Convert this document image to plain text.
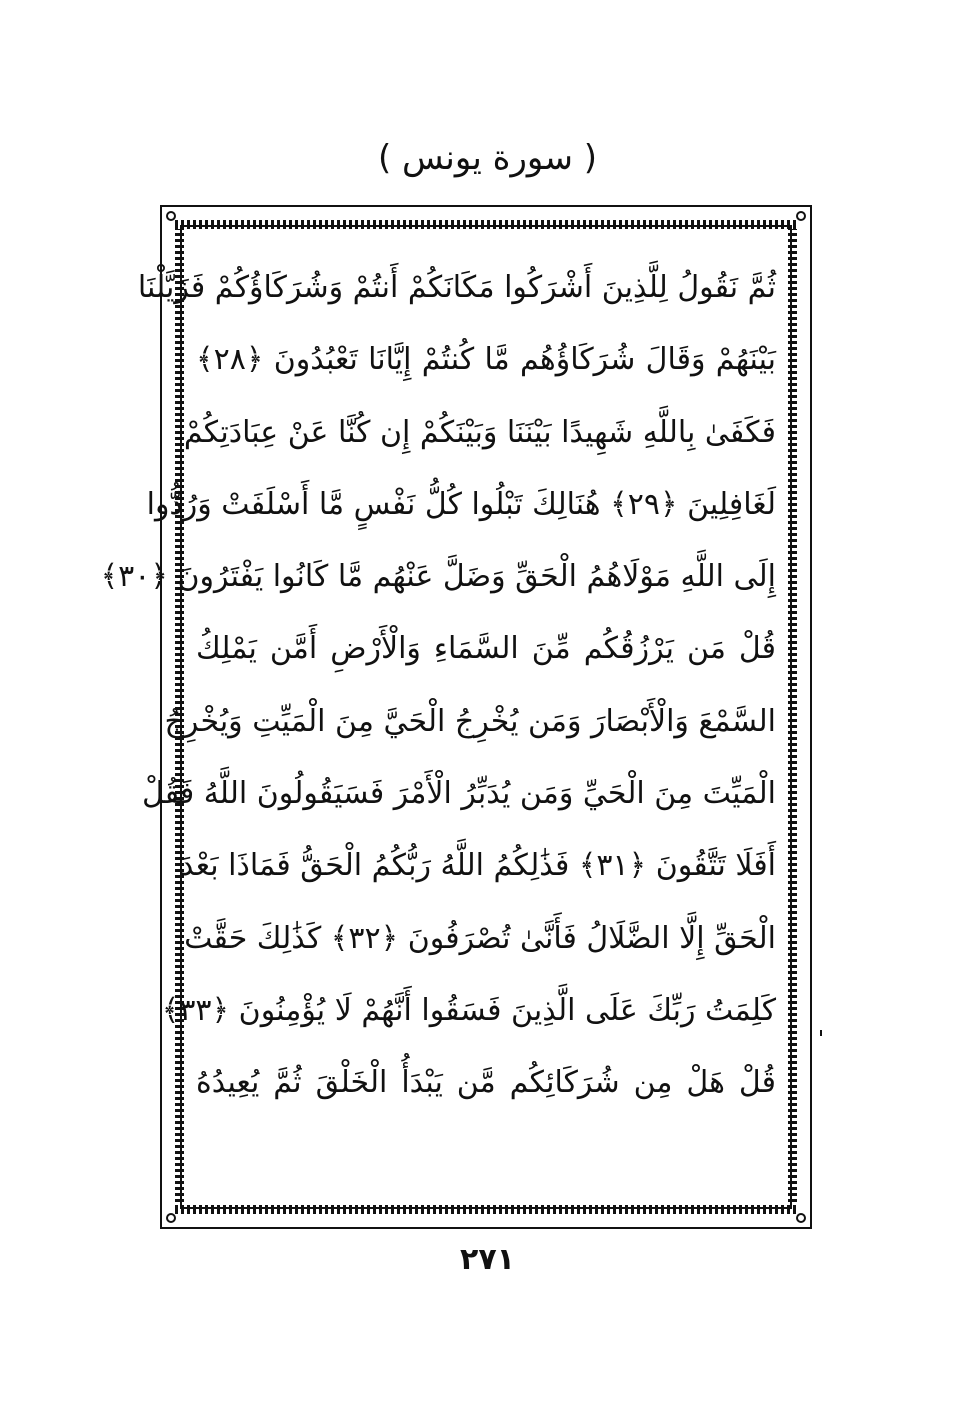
( سورة يونس )
ثُمَّ نَقُولُ لِلَّذِينَ أَشْرَكُوا مَكَانَكُمْ أَنتُمْ وَشُرَكَاؤُكُمْ فَزَيَّلْنَا
بَيْنَهُمْ وَقَالَ شُرَكَاؤُهُم مَّا كُنتُمْ إِيَّانَا تَعْبُدُونَ ﴿٢٨﴾
فَكَفَىٰ بِاللَّهِ شَهِيدًا بَيْنَنَا وَبَيْنَكُمْ إِن كُنَّا عَنْ عِبَادَتِكُمْ
لَغَافِلِينَ ﴿٢٩﴾ هُنَالِكَ تَبْلُوا كُلُّ نَفْسٍ مَّا أَسْلَفَتْ وَرُدُّوا
إِلَى اللَّهِ مَوْلَاهُمُ الْحَقِّ وَضَلَّ عَنْهُم مَّا كَانُوا يَفْتَرُونَ ﴿٣٠﴾
قُلْ مَن يَرْزُقُكُم مِّنَ السَّمَاءِ وَالْأَرْضِ أَمَّن يَمْلِكُ
السَّمْعَ وَالْأَبْصَارَ وَمَن يُخْرِجُ الْحَيَّ مِنَ الْمَيِّتِ وَيُخْرِجُ
الْمَيِّتَ مِنَ الْحَيِّ وَمَن يُدَبِّرُ الْأَمْرَ فَسَيَقُولُونَ اللَّهُ فَقُلْ
أَفَلَا تَتَّقُونَ ﴿٣١﴾ فَذَٰلِكُمُ اللَّهُ رَبُّكُمُ الْحَقُّ فَمَاذَا بَعْدَ
الْحَقِّ إِلَّا الضَّلَالُ فَأَنَّىٰ تُصْرَفُونَ ﴿٣٢﴾ كَذَٰلِكَ حَقَّتْ
كَلِمَتُ رَبِّكَ عَلَى الَّذِينَ فَسَقُوا أَنَّهُمْ لَا يُؤْمِنُونَ ﴿٣٣﴾
قُلْ هَلْ مِن شُرَكَائِكُم مَّن يَبْدَأُ الْخَلْقَ ثُمَّ يُعِيدُهُ
٢٧١
